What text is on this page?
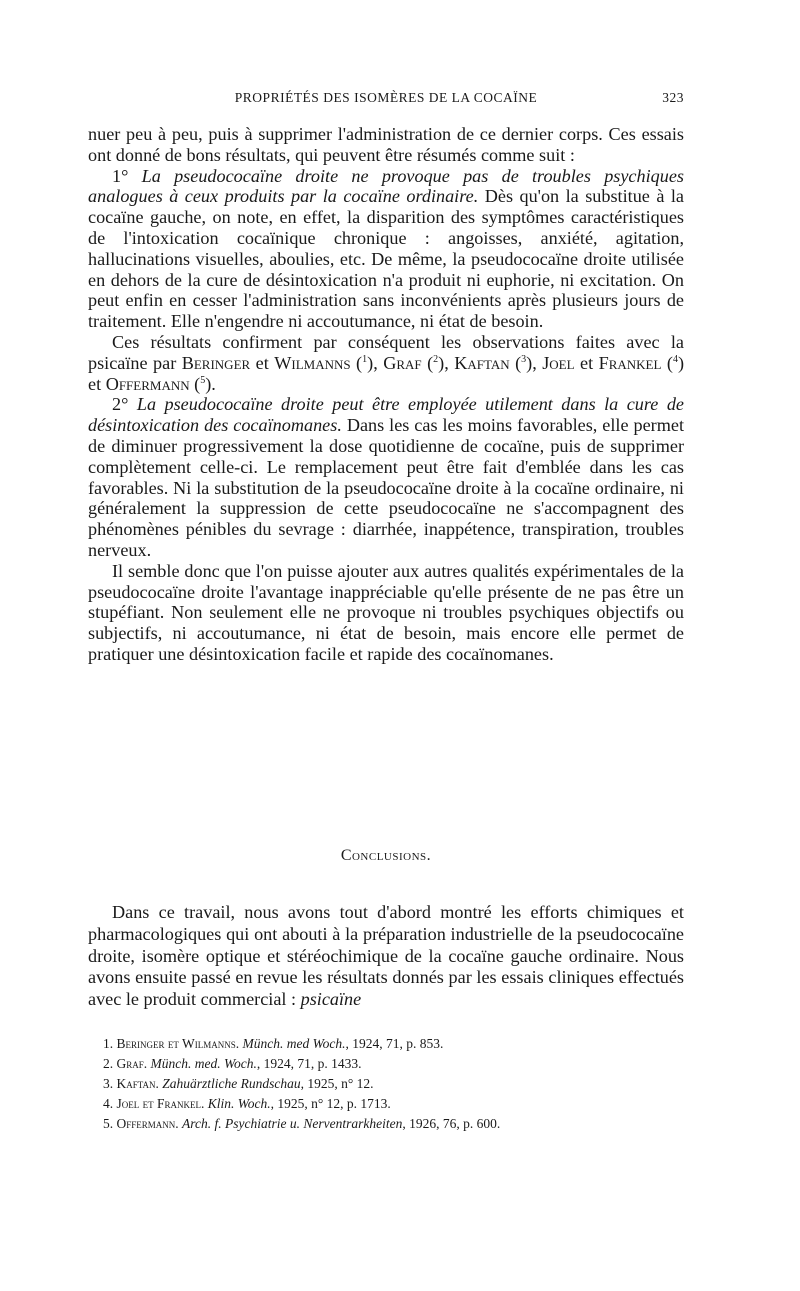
PROPRIÉTÉS DES ISOMÈRES DE LA COCAÏNE	323

nuer peu à peu, puis à supprimer l'administration de ce dernier corps. Ces essais ont donné de bons résultats, qui peuvent être résumés comme suit :

1° La pseudococaïne droite ne provoque pas de troubles psychiques analogues à ceux produits par la cocaïne ordinaire. Dès qu'on la substitue à la cocaïne gauche, on note, en effet, la disparition des symptômes caractéristiques de l'intoxication cocaïnique chronique : angoisses, anxiété, agitation, hallucinations visuelles, aboulies, etc. De même, la pseudococaïne droite utilisée en dehors de la cure de désintoxication n'a produit ni euphorie, ni excitation. On peut enfin en cesser l'administration sans inconvénients après plusieurs jours de traitement. Elle n'engendre ni accoutumance, ni état de besoin.

Ces résultats confirment par conséquent les observations faites avec la psicaïne par Beringer et Wilmanns ($^1$), Graf ($^2$), Kaftan ($^3$), Joel et Frankel ($^4$) et Offermann ($^5$).

2° La pseudococaïne droite peut être employée utilement dans la cure de désintoxication des cocaïnomanes. Dans les cas les moins favorables, elle permet de diminuer progressivement la dose quotidienne de cocaïne, puis de supprimer complètement celle-ci. Le remplacement peut être fait d'emblée dans les cas favorables. Ni la substitution de la pseudococaïne droite à la cocaïne ordinaire, ni généralement la suppression de cette pseudococaïne ne s'accompagnent des phénomènes pénibles du sevrage : diarrhée, inappétence, transpiration, troubles nerveux.

Il semble donc que l'on puisse ajouter aux autres qualités expérimentales de la pseudococaïne droite l'avantage inappréciable qu'elle présente de ne pas être un stupéfiant. Non seulement elle ne provoque ni troubles psychiques objectifs ou subjectifs, ni accoutumance, ni état de besoin, mais encore elle permet de pratiquer une désintoxication facile et rapide des cocaïnomanes.

Conclusions.

Dans ce travail, nous avons tout d'abord montré les efforts chimiques et pharmacologiques qui ont abouti à la préparation industrielle de la pseudococaïne droite, isomère optique et stéréochimique de la cocaïne gauche ordinaire. Nous avons ensuite passé en revue les résultats donnés par les essais cliniques effectués avec le produit commercial : psicaïne

1. Beringer et Wilmanns. Münch. med Woch., 1924, 71, p. 853.
2. Graf. Münch. med. Woch., 1924, 71, p. 1433.
3. Kaftan. Zahuärztliche Rundschau, 1925, n° 12.
4. Joel et Frankel. Klin. Woch., 1925, n° 12, p. 1713.
5. Offermann. Arch. f. Psychiatrie u. Nerventrarkheiten, 1926, 76, p. 600.
